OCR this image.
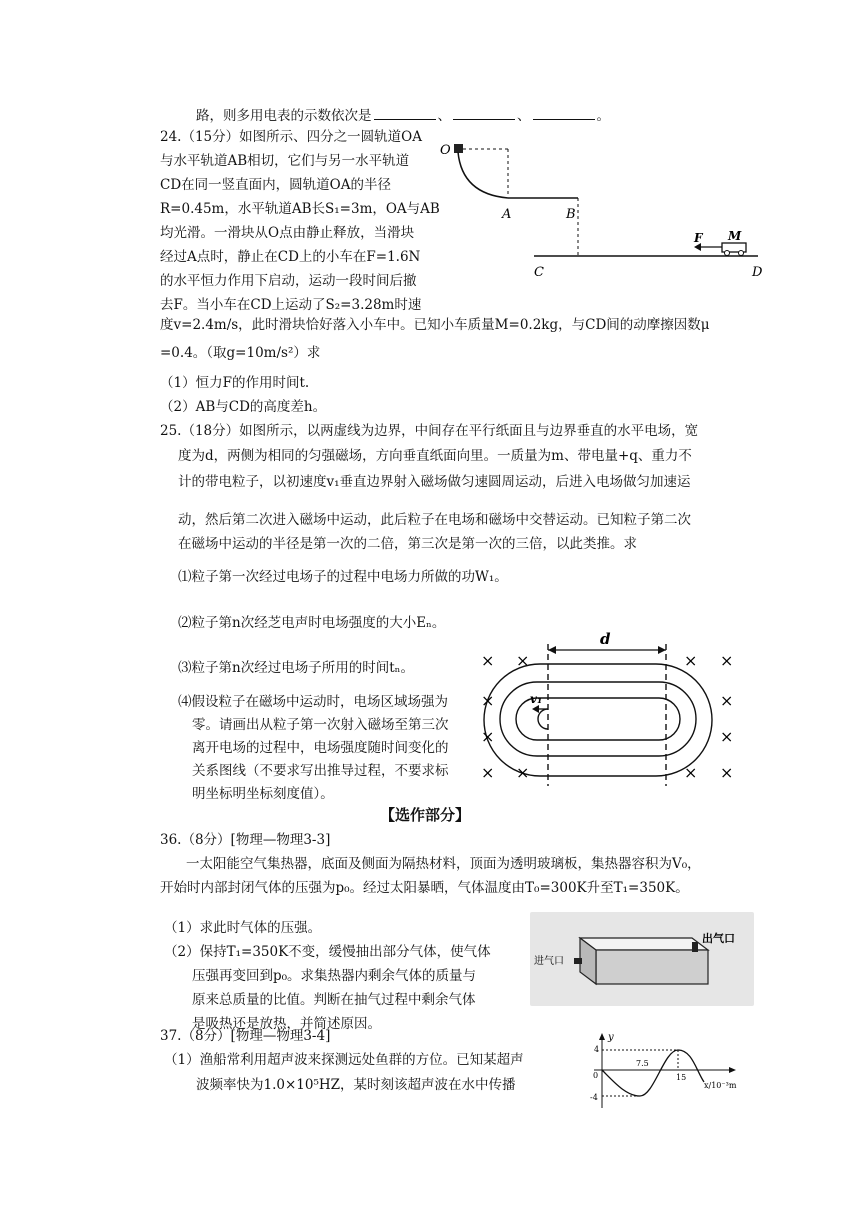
路，则多用电表的示数依次是	、	、	。
24.（15分）如图所示、四分之一圆轨道OA
与水平轨道AB相切，它们与另一水平轨道
CD在同一竖直面内，圆轨道OA的半径
R=0.45m，水平轨道AB长S₁=3m，OA与AB
均光滑。一滑块从O点由静止释放，当滑块
经过A点时，静止在CD上的小车在F=1.6N
的水平恒力作用下启动，运动一段时间后撤
去F。当小车在CD上运动了S₂=3.28m时速
度v=2.4m/s，此时滑块恰好落入小车中。已知小车质量M=0.2kg，与CD间的动摩擦因数μ
=0.4。（取g=10m/s²）求
（1）恒力F的作用时间t.
（2）AB与CD的高度差h。
O
A	B
C	D
M
F
25.（18分）如图所示，以两虚线为边界，中间存在平行纸面且与边界垂直的水平电场，宽
度为d，两侧为相同的匀强磁场，方向垂直纸面向里。一质量为m、带电量+q、重力不
计的带电粒子，以初速度v₁垂直边界射入磁场做匀速圆周运动，后进入电场做匀加速运
动，然后第二次进入磁场中运动，此后粒子在电场和磁场中交替运动。已知粒子第二次
在磁场中运动的半径是第一次的二倍，第三次是第一次的三倍，以此类推。求
⑴粒子第一次经过电场子的过程中电场力所做的功W₁。
⑵粒子第n次经芝电声时电场强度的大小Eₙ。
⑶粒子第n次经过电场子所用的时间tₙ。
⑷假设粒子在磁场中运动时，电场区域场强为
零。请画出从粒子第一次射入磁场至第三次
离开电场的过程中，电场强度随时间变化的
关系图线（不要求写出推导过程，不要求标
明坐标明坐标刻度值）。
d
v₁
×
×
×
×
×
×
× ×
×
×
× ×
【选作部分】
36.（8分）[物理—物理3-3]
一太阳能空气集热器，底面及侧面为隔热材料，顶面为透明玻璃板，集热器容积为V₀，
开始时内部封闭气体的压强为p₀。经过太阳暴晒，气体温度由T₀=300K升至T₁=350K。
（1）求此时气体的压强。
（2）保持T₁=350K不变，缓慢抽出部分气体，使气体
压强再变回到p₀。求集热器内剩余气体的质量与
原来总质量的比值。判断在抽气过程中剩余气体
是吸热还是放热，并简述原因。
出气口
进气口
37.（8分）[物理—物理3-4]
（1）渔船常利用超声波来探测远处鱼群的方位。已知某超声
波频率快为1.0×10⁵HZ，某时刻该超声波在水中传播
y
x/10⁻³m
0
4
-4
7.5
15
